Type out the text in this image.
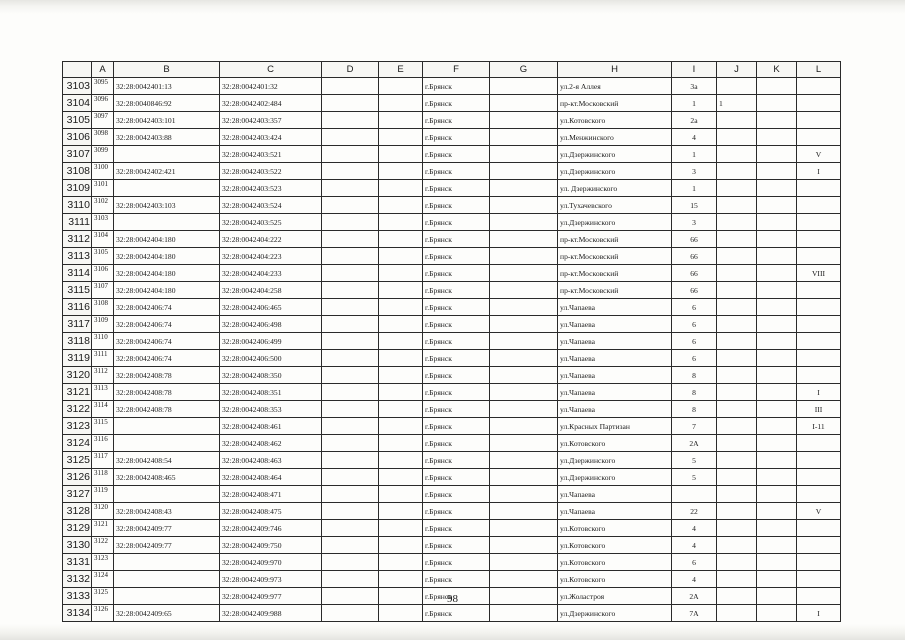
	A	B	C	D	E	F	G	H	I	J	K	L
3103	3095	32:28:0042401:13	32:28:0042401:32			г.Брянск		ул.2-я Аллея	3а			
3104	3096	32:28:0040846:92	32:28:0042402:484			г.Брянск		пр-кт.Московский	1	1		
3105	3097	32:28:0042403:101	32:28:0042403:357			г.Брянск		ул.Котовского	2а			
3106	3098	32:28:0042403:88	32:28:0042403:424			г.Брянск		ул.Менжинского	4			
3107	3099		32:28:0042403:521			г.Брянск		ул.Дзержинского	1			V
3108	3100	32:28:0042402:421	32:28:0042403:522			г.Брянск		ул.Дзержинского	3			I
3109	3101		32:28:0042403:523			г.Брянск		ул. Дзержинского	1			
3110	3102	32:28:0042403:103	32:28:0042403:524			г.Брянск		ул.Тухачевского	15			
3111	3103		32:28:0042403:525			г.Брянск		ул.Дзержинского	3			
3112	3104	32:28:0042404:180	32:28:0042404:222			г.Брянск		пр-кт.Московский	66			
3113	3105	32:28:0042404:180	32:28:0042404:223			г.Брянск		пр-кт.Московский	66			
3114	3106	32:28:0042404:180	32:28:0042404:233			г.Брянск		пр-кт.Московский	66			VIII
3115	3107	32:28:0042404:180	32:28:0042404:258			г.Брянск		пр-кт.Московский	66			
3116	3108	32:28:0042406:74	32:28:0042406:465			г.Брянск		ул.Чапаева	6			
3117	3109	32:28:0042406:74	32:28:0042406:498			г.Брянск		ул.Чапаева	6			
3118	3110	32:28:0042406:74	32:28:0042406:499			г.Брянск		ул.Чапаева	6			
3119	3111	32:28:0042406:74	32:28:0042406:500			г.Брянск		ул.Чапаева	6			
3120	3112	32:28:0042408:78	32:28:0042408:350			г.Брянск		ул.Чапаева	8			
3121	3113	32:28:0042408:78	32:28:0042408:351			г.Брянск		ул.Чапаева	8			I
3122	3114	32:28:0042408:78	32:28:0042408:353			г.Брянск		ул.Чапаева	8			III
3123	3115		32:28:0042408:461			г.Брянск		ул.Красных Партизан	7			I-11
3124	3116		32:28:0042408:462			г.Брянск		ул.Котовского	2А			
3125	3117	32:28:0042408:54	32:28:0042408:463			г.Брянск		ул.Дзержинского	5			
3126	3118	32:28:0042408:465	32:28:0042408:464			г.Брянск		ул.Дзержинского	5			
3127	3119		32:28:0042408:471			г.Брянск		ул.Чапаева				
3128	3120	32:28:0042408:43	32:28:0042408:475			г.Брянск		ул.Чапаева	22			V
3129	3121	32:28:0042409:77	32:28:0042409:746			г.Брянск		ул.Котовского	4			
3130	3122	32:28:0042409:77	32:28:0042409:750			г.Брянск		ул.Котовского	4			
3131	3123		32:28:0042409:970			г.Брянск		ул.Котовского	6			
3132	3124		32:28:0042409:973			г.Брянск		ул.Котовского	4			
3133	3125		32:28:0042409:977			г.Брянск		ул.Жоластроя	2А			
3134	3126	32:28:0042409:65	32:28:0042409:988			г.Брянск		ул.Дзержинского	7А			I
98
